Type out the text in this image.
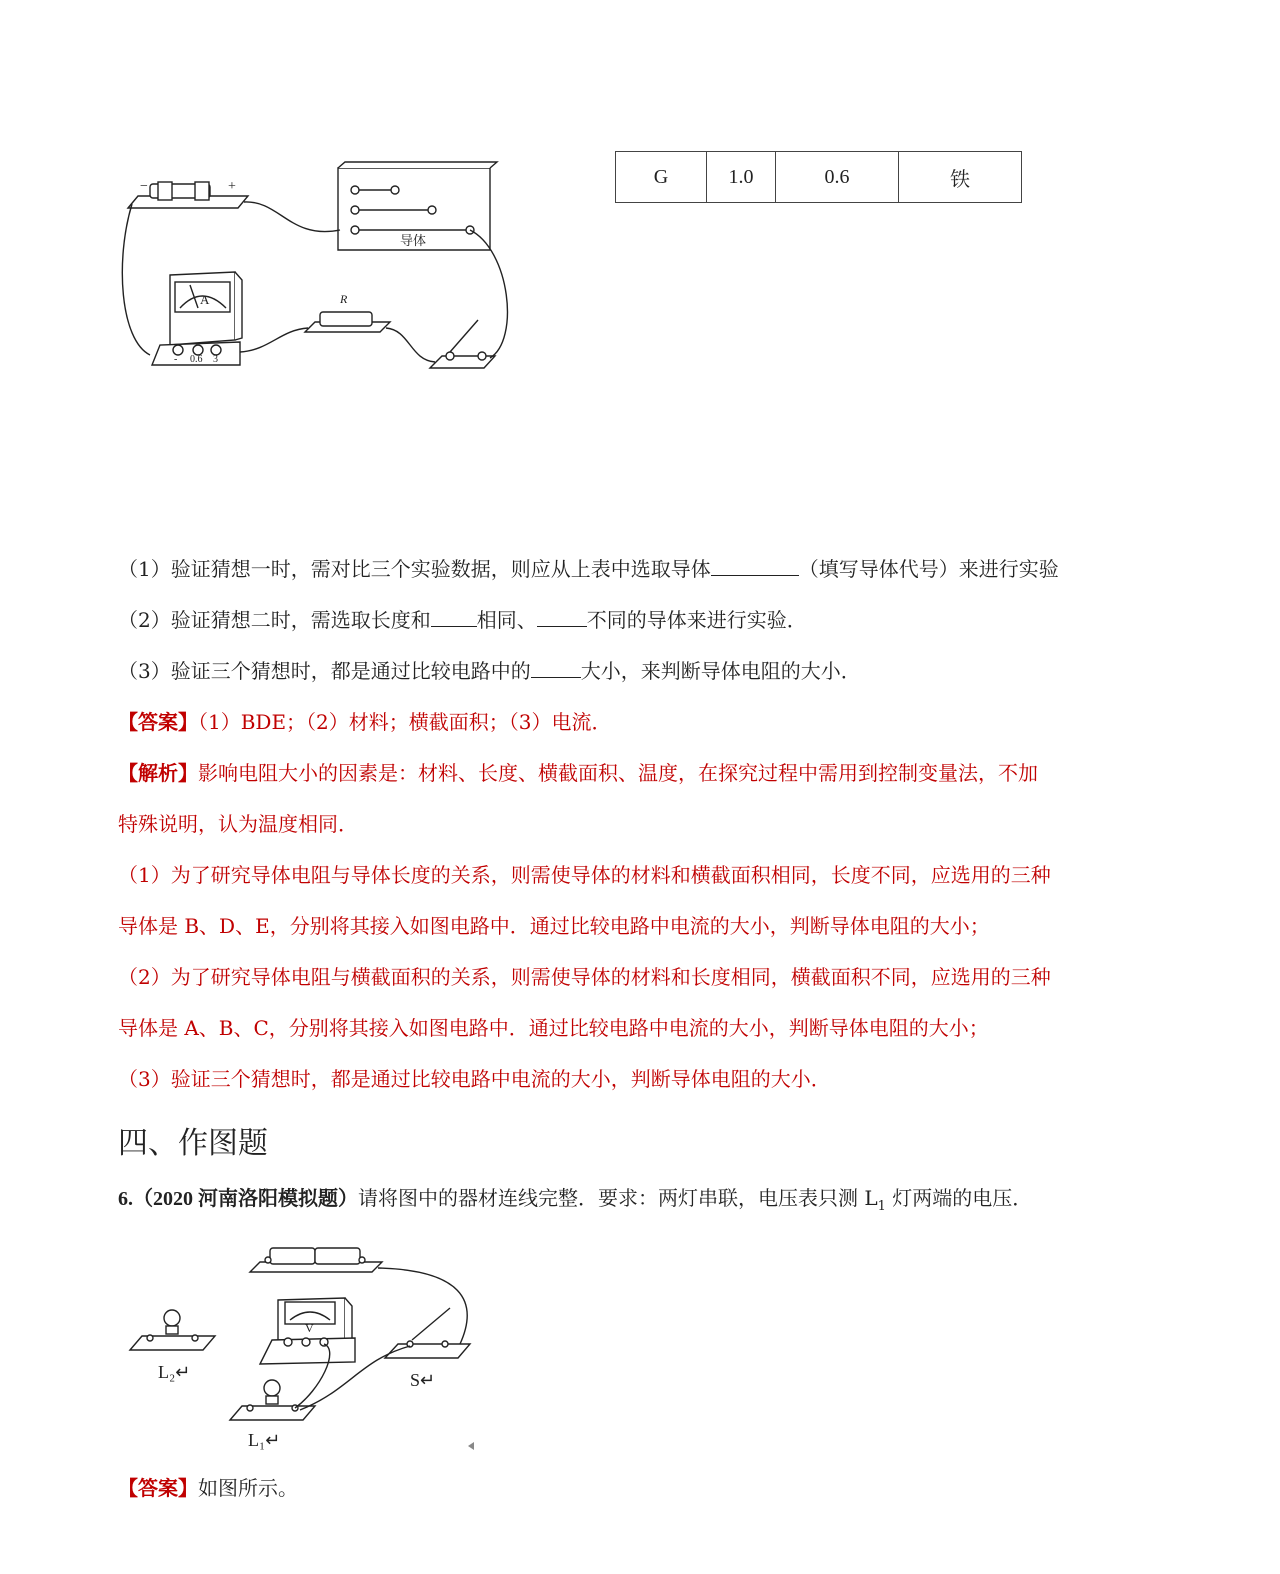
−	+
导体
A
- 0.6 3
R
G	1.0	0.6	铁
（1）验证猜想一时，需对比三个实验数据，则应从上表中选取导体	（填写导体代号）来进行实验
（2）验证猜想二时，需选取长度和 相同、	不同的导体来进行实验．
（3）验证三个猜想时，都是通过比较电路中的	大小，来判断导体电阻的大小．
【答案】（1）BDE；（2）材料；横截面积；（3）电流．
【解析】影响电阻大小的因素是：材料、长度、横截面积、温度，在探究过程中需用到控制变量法，不加
特殊说明，认为温度相同．
（1）为了研究导体电阻与导体长度的关系，则需使导体的材料和横截面积相同，长度不同，应选用的三种
导体是 B、D、E，分别将其接入如图电路中．通过比较电路中电流的大小，判断导体电阻的大小；
（2）为了研究导体电阻与横截面积的关系，则需使导体的材料和长度相同，横截面积不同，应选用的三种
导体是 A、B、C，分别将其接入如图电路中．通过比较电路中电流的大小，判断导体电阻的大小；
（3）验证三个猜想时，都是通过比较电路中电流的大小，判断导体电阻的大小．
四、作图题
6.（2020 河南洛阳模拟题）请将图中的器材连线完整．要求：两灯串联，电压表只测 $L_1$ 灯两端的电压．
V
L₂↵
L₁↵
S↵
【答案】如图所示。
